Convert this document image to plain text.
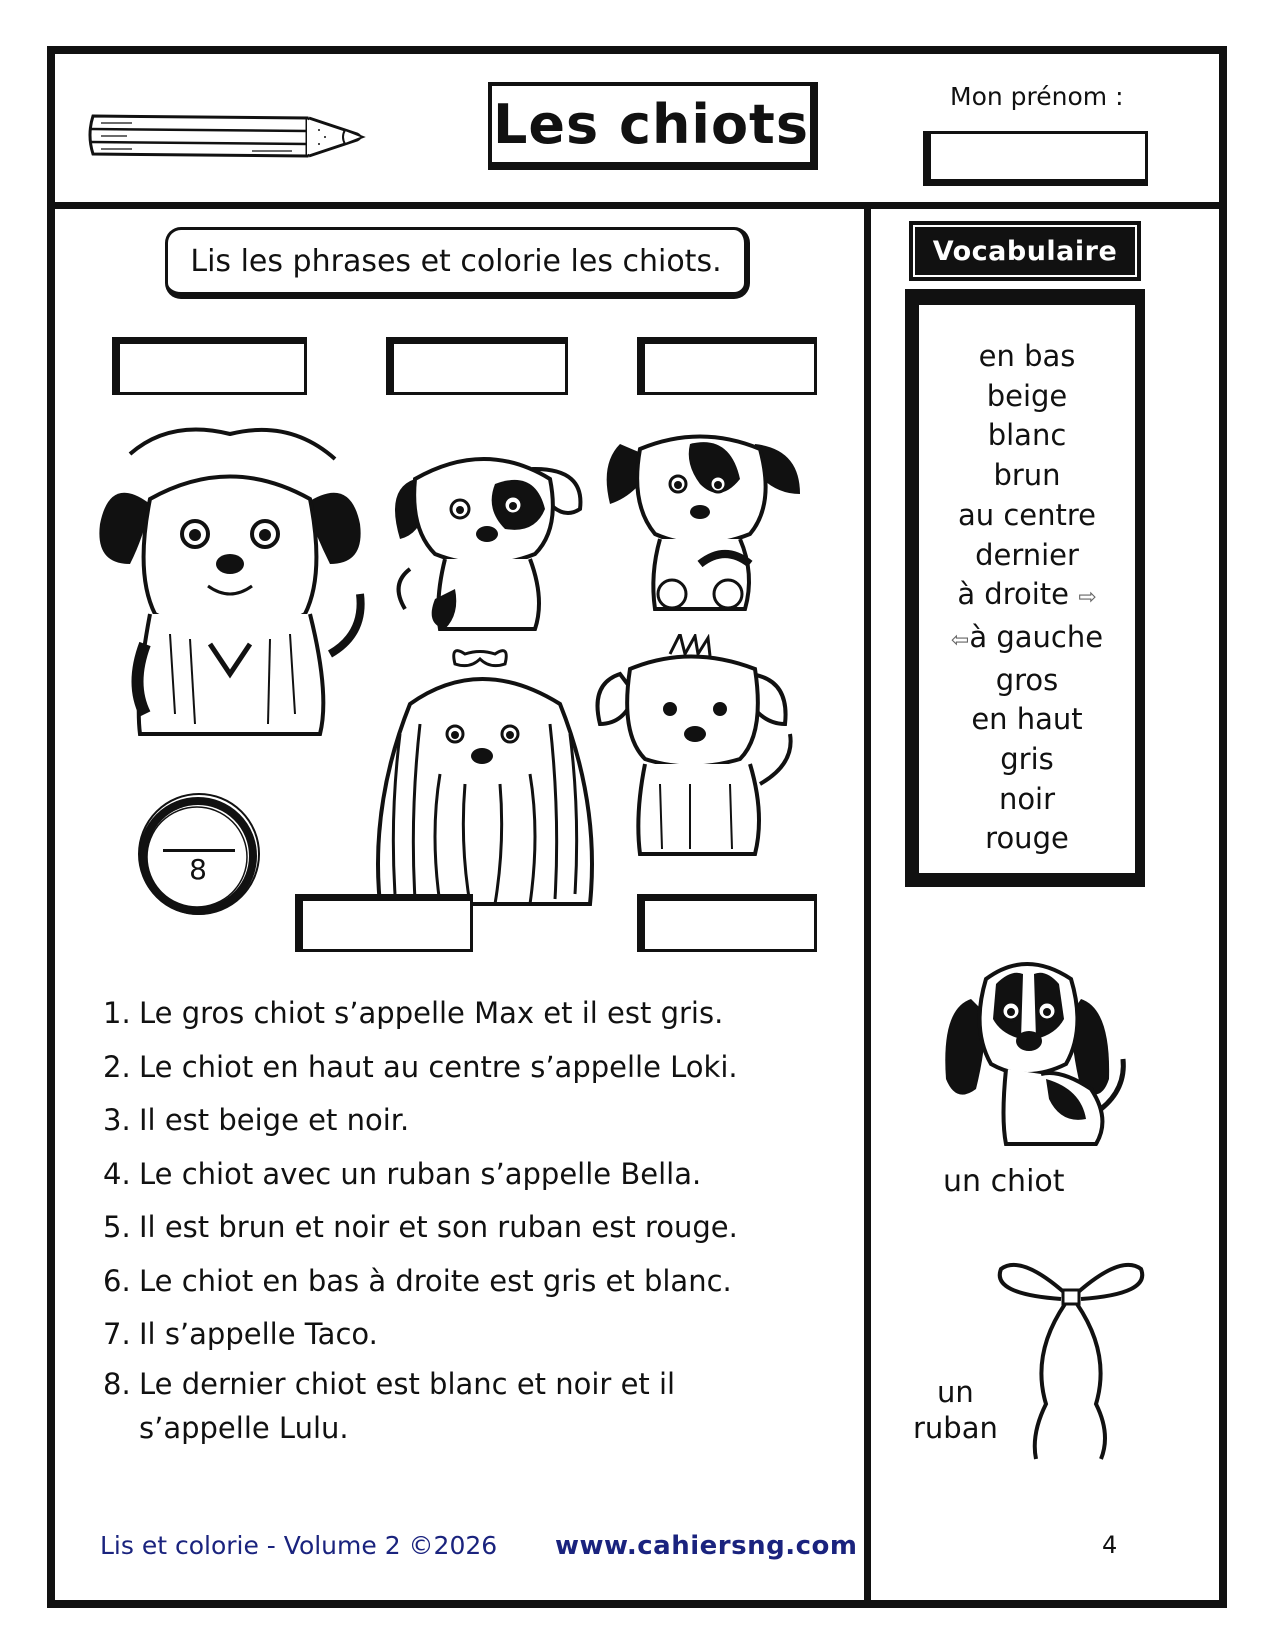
Les chiots	Mon prénom :
Lis les phrases et colorie les chiots.
8
1. Le gros chiot s’appelle Max et il est gris.
2. Le chiot en haut au centre s’appelle Loki.
3. Il est beige et noir.
4. Le chiot avec un ruban s’appelle Bella.
5. Il est brun et noir et son ruban est rouge.
6. Le chiot en bas à droite est gris et blanc.
7. Il s’appelle Taco.
8. Le dernier chiot est blanc et noir et il s’appelle Lulu.
Lis et colorie - Volume 2 ©2026 www.cahiersng.com
Vocabulaire
en bas
beige
blanc
brun
au centre
dernier
à droite ⇨
⇦à gauche
gros
en haut
gris
noir
rouge
un chiot
un
ruban
4
